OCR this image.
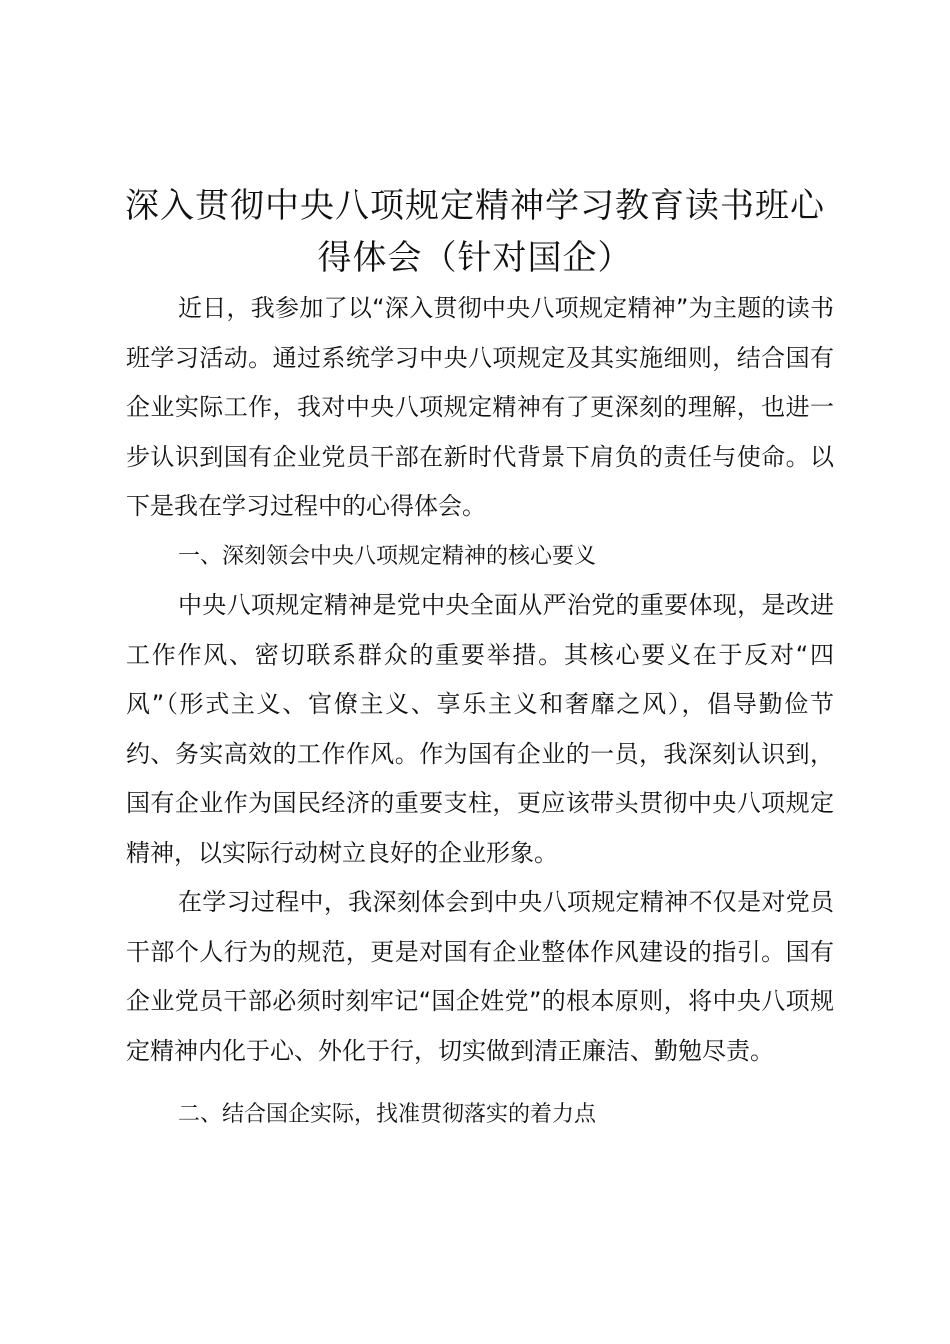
深入贯彻中央八项规定精神学习教育读书班心
得体会（针对国企）

近日，我参加了以“深入贯彻中央八项规定精神”为主题的读书班学习活动。通过系统学习中央八项规定及其实施细则，结合国有企业实际工作，我对中央八项规定精神有了更深刻的理解，也进一步认识到国有企业党员干部在新时代背景下肩负的责任与使命。以下是我在学习过程中的心得体会。

一、深刻领会中央八项规定精神的核心要义

中央八项规定精神是党中央全面从严治党的重要体现，是改进工作作风、密切联系群众的重要举措。其核心要义在于反对“四风”（形式主义、官僚主义、享乐主义和奢靡之风），倡导勤俭节约、务实高效的工作作风。作为国有企业的一员，我深刻认识到，国有企业作为国民经济的重要支柱，更应该带头贯彻中央八项规定精神，以实际行动树立良好的企业形象。

在学习过程中，我深刻体会到中央八项规定精神不仅是对党员干部个人行为的规范，更是对国有企业整体作风建设的指引。国有企业党员干部必须时刻牢记“国企姓党”的根本原则，将中央八项规定精神内化于心、外化于行，切实做到清正廉洁、勤勉尽责。

二、结合国企实际，找准贯彻落实的着力点
